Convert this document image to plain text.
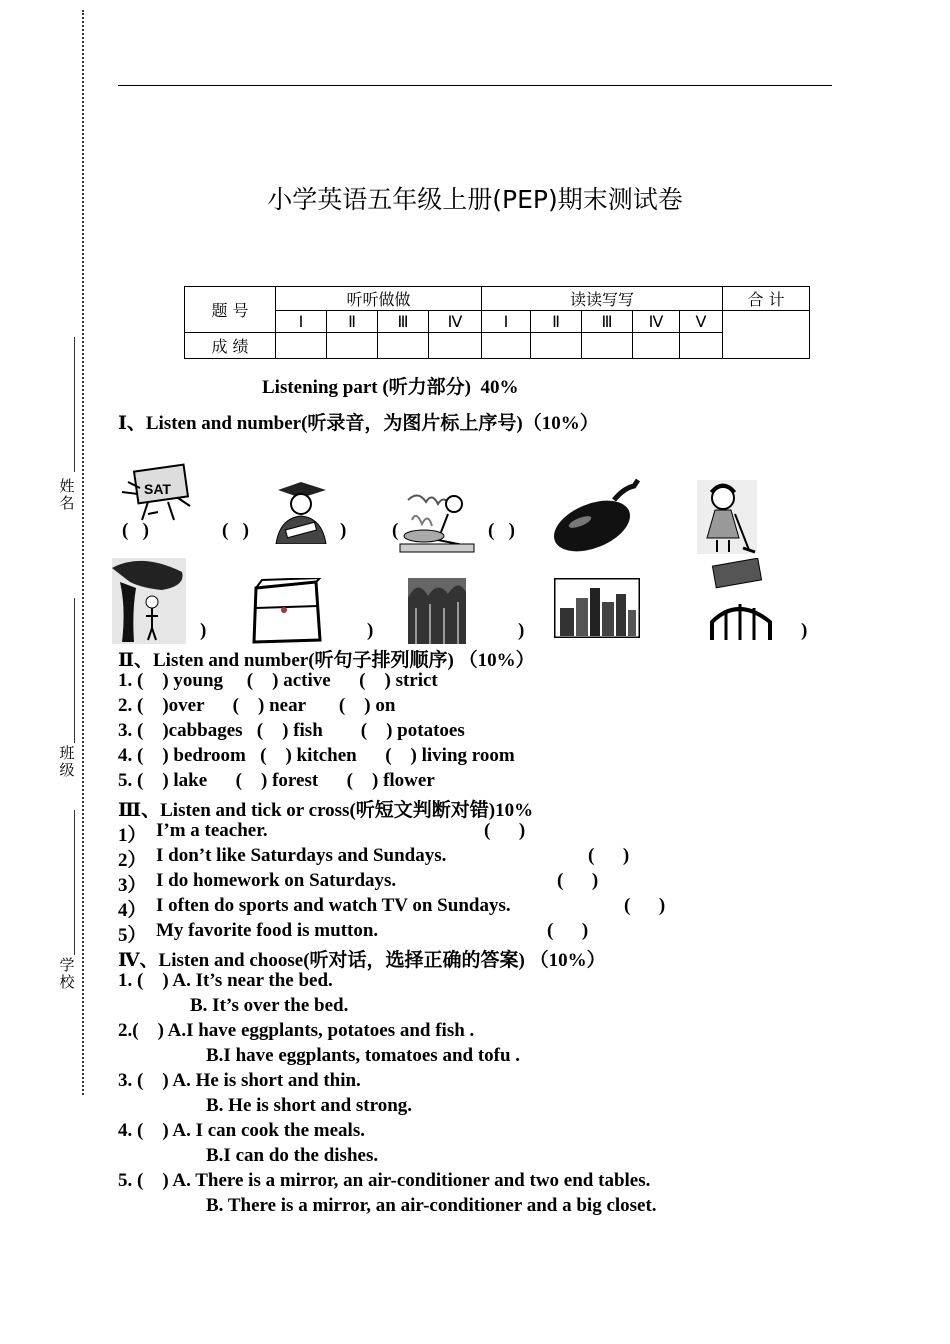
姓名
班级
学校
小学英语五年级上册(PEP)期末测试卷
题 号	听听做做				读读写写					合 计
	Ⅰ	Ⅱ	Ⅲ	Ⅳ	Ⅰ	Ⅱ	Ⅲ	Ⅳ	Ⅴ	
成 绩										
Listening part (听力部分)  40%
Ⅰ、Listen and number(听录音，为图片标上序号)（10%）
SAT
(   )	(   )	) (	(   )
)	)	)	)
Ⅱ、Listen and number(听句子排列顺序) （10%）
1. (    ) young     (    ) active      (    ) strict
2. (    )over      (    ) near       (    ) on
3. (    )cabbages   (    ) fish        (    ) potatoes
4. (    ) bedroom   (    ) kitchen      (    ) living room
5. (    ) lake      (    ) forest      (    ) flower
Ⅲ、Listen and tick or cross(听短文判断对错)10%
1） I’m a teacher.	(      )
2） I don’t like Saturdays and Sundays.	(      )
3） I do homework on Saturdays.	(      )
4） I often do sports and watch TV on Sundays.	(      )
5） My favorite food is mutton.	(      )
Ⅳ、Listen and choose(听对话，选择正确的答案) （10%）
1. (    ) A. It’s near the bed.
B. It’s over the bed.
2.(    ) A.I have eggplants, potatoes and fish .
B.I have eggplants, tomatoes and tofu .
3. (    ) A. He is short and thin.
B. He is short and strong.
4. (    ) A. I can cook the meals.
B.I can do the dishes.
5. (    ) A. There is a mirror, an air-conditioner and two end tables.
B. There is a mirror, an air-conditioner and a big closet.
